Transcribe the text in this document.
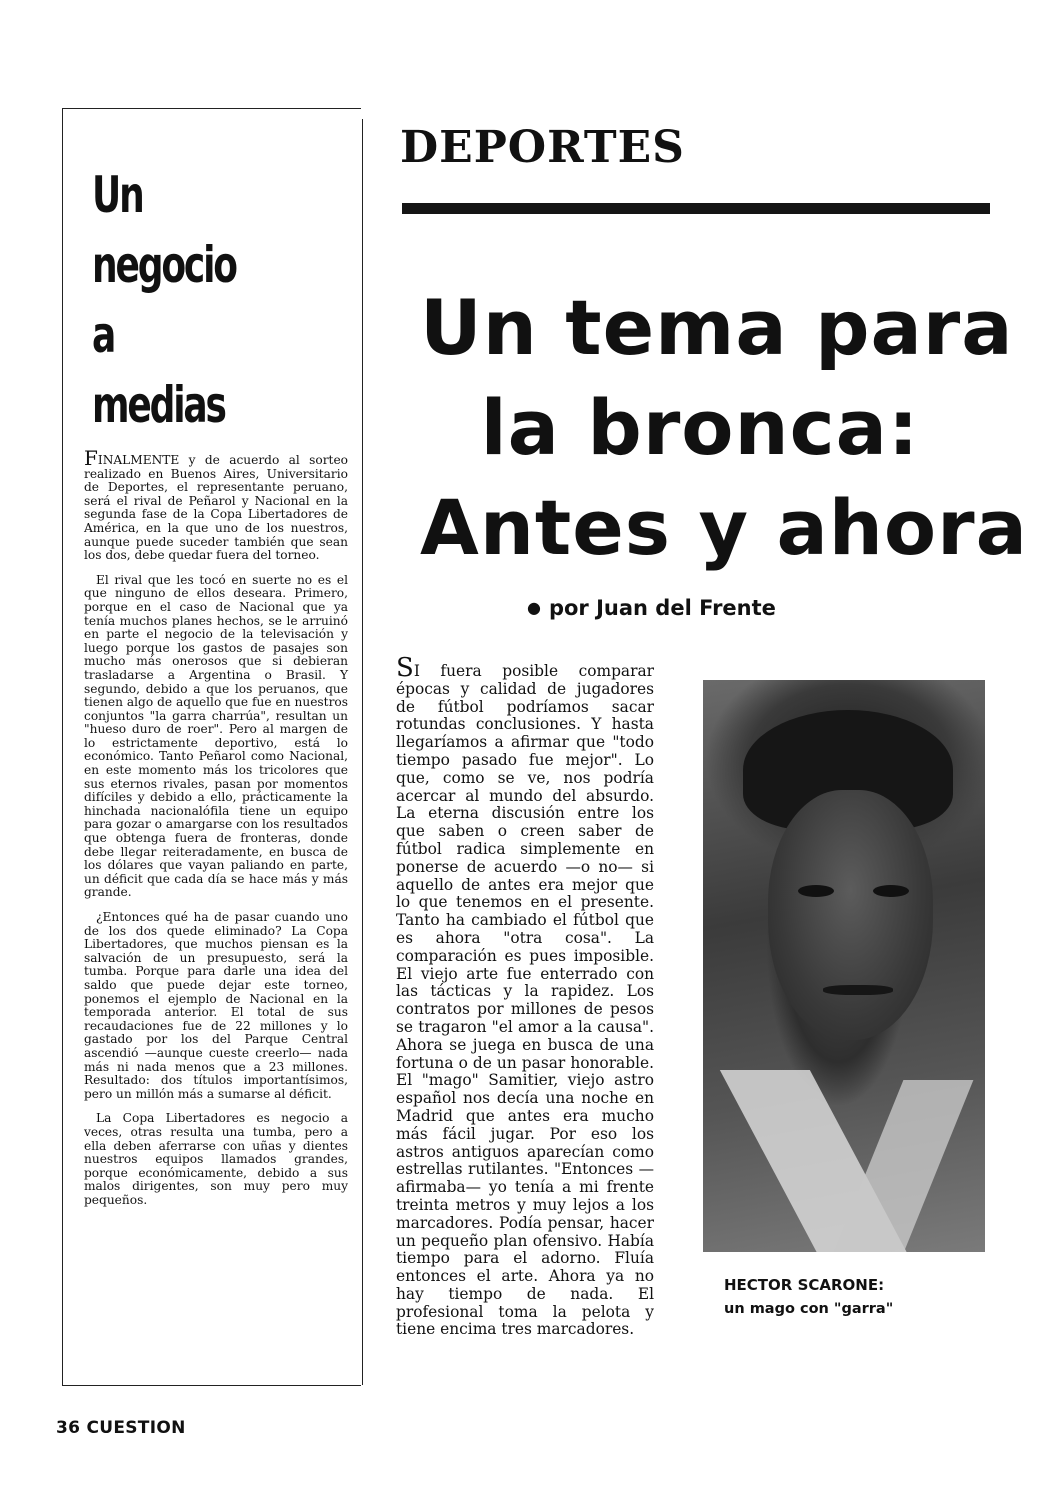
Un
negocio
a
medias

FINALMENTE y de acuerdo al sorteo realizado en Buenos Aires, Universitario de Deportes, el representante peruano, será el rival de Peñarol y Nacional en la segunda fase de la Copa Libertadores de América, en la que uno de los nuestros, aunque puede suceder también que sean los dos, debe quedar fuera del torneo.

El rival que les tocó en suerte no es el que ninguno de ellos deseara. Primero, porque en el caso de Nacional que ya tenía muchos planes hechos, se le arruinó en parte el negocio de la televisación y luego porque los gastos de pasajes son mucho más onerosos que si debieran trasladarse a Argentina o Brasil. Y segundo, debido a que los peruanos, que tienen algo de aquello que fue en nuestros conjuntos "la garra charrúa", resultan un "hueso duro de roer". Pero al margen de lo estrictamente deportivo, está lo económico. Tanto Peñarol como Nacional, en este momento más los tricolores que sus eternos rivales, pasan por momentos difíciles y debido a ello, prácticamente la hinchada nacionalófila tiene un equipo para gozar o amargarse con los resultados que obtenga fuera de fronteras, donde debe llegar reiteradamente, en busca de los dólares que vayan paliando en parte, un déficit que cada día se hace más y más grande.

¿Entonces qué ha de pasar cuando uno de los dos quede eliminado? La Copa Libertadores, que muchos piensan es la salvación de un presupuesto, será la tumba. Porque para darle una idea del saldo que puede dejar este torneo, ponemos el ejemplo de Nacional en la temporada anterior. El total de sus recaudaciones fue de 22 millones y lo gastado por los del Parque Central ascendió —aunque cueste creerlo— nada más ni nada menos que a 23 millones. Resultado: dos títulos importantísimos, pero un millón más a sumarse al déficit.

La Copa Libertadores es negocio a veces, otras resulta una tumba, pero a ella deben aferrarse con uñas y dientes nuestros equipos llamados grandes, porque económicamente, debido a sus malos dirigentes, son muy pero muy pequeños.

DEPORTES
Un tema para
la bronca:
Antes y ahora
● por Juan del Frente

SI fuera posible comparar épocas y calidad de jugadores de fútbol podríamos sacar rotundas conclusiones. Y hasta llegaríamos a afirmar que "todo tiempo pasado fue mejor". Lo que, como se ve, nos podría acercar al mundo del absurdo. La eterna discusión entre los que saben o creen saber de fútbol radica simplemente en ponerse de acuerdo —o no— si aquello de antes era mejor que lo que tenemos en el presente. Tanto ha cambiado el fútbol que es ahora "otra cosa". La comparación es pues imposible. El viejo arte fue enterrado con las tácticas y la rapidez. Los contratos por millones de pesos se tragaron "el amor a la causa". Ahora se juega en busca de una fortuna o de un pasar honorable. El "mago" Samitier, viejo astro español nos decía una noche en Madrid que antes era mucho más fácil jugar. Por eso los astros antiguos aparecían como estrellas rutilantes. "Entonces —afirmaba— yo tenía a mi frente treinta metros y muy lejos a los marcadores. Podía pensar, hacer un pequeño plan ofensivo. Había tiempo para el adorno. Fluía entonces el arte. Ahora ya no hay tiempo de nada. El profesional toma la pelota y tiene encima tres marcadores.

HECTOR SCARONE:
un mago con "garra"
36 CUESTION
